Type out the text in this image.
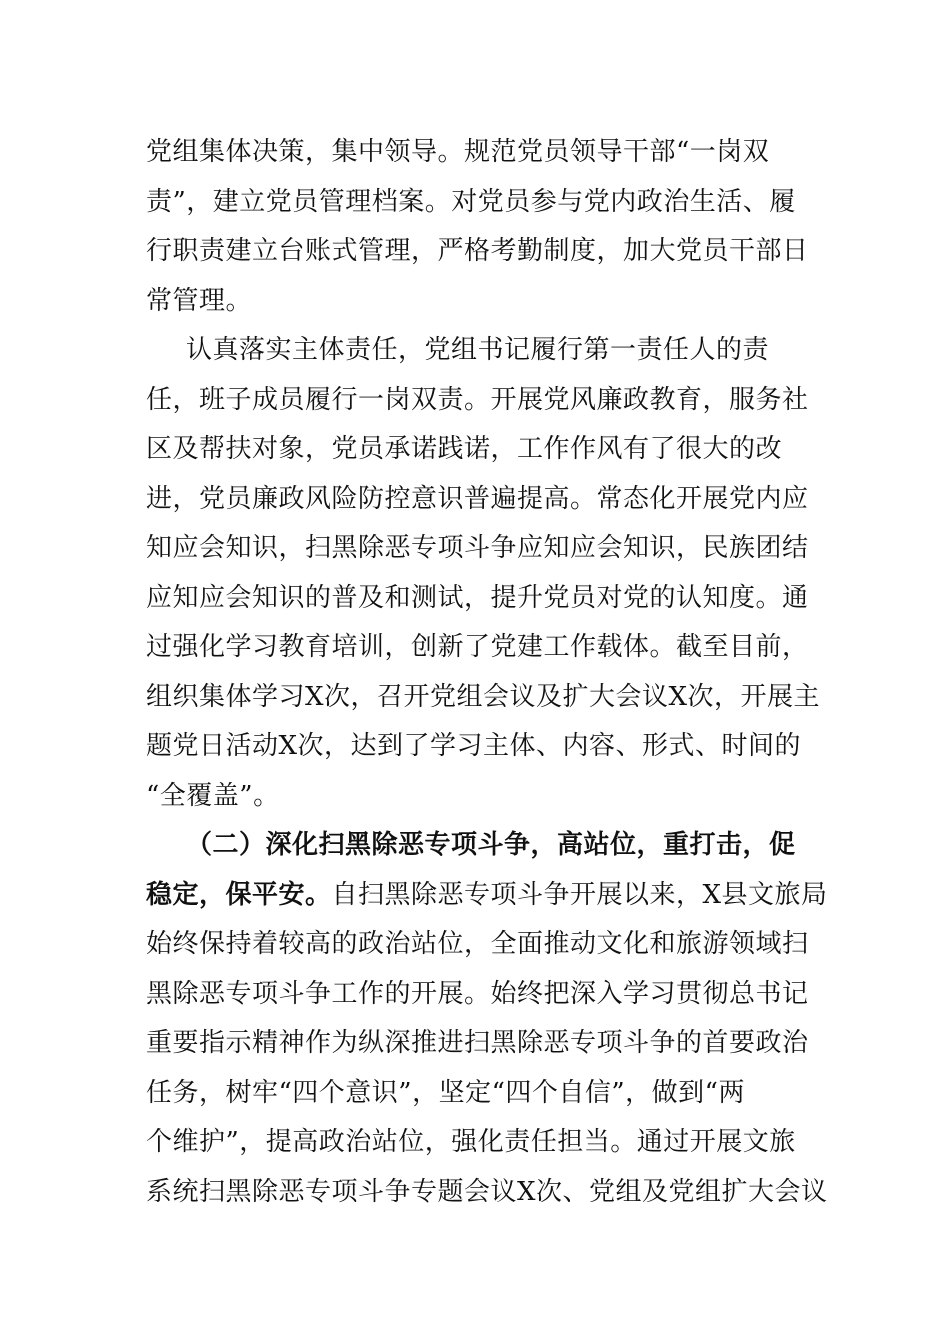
党组集体决策，集中领导。规范党员领导干部“一岗双
责”，建立党员管理档案。对党员参与党内政治生活、履
行职责建立台账式管理，严格考勤制度，加大党员干部日
常管理。
认真落实主体责任，党组书记履行第一责任人的责
任，班子成员履行一岗双责。开展党风廉政教育，服务社
区及帮扶对象，党员承诺践诺，工作作风有了很大的改
进，党员廉政风险防控意识普遍提高。常态化开展党内应
知应会知识，扫黑除恶专项斗争应知应会知识，民族团结
应知应会知识的普及和测试，提升党员对党的认知度。通
过强化学习教育培训，创新了党建工作载体。截至目前，
组织集体学习X次，召开党组会议及扩大会议X次，开展主
题党日活动X次，达到了学习主体、内容、形式、时间的
“全覆盖”。
（二）深化扫黑除恶专项斗争，高站位，重打击，促
稳定，保平安。自扫黑除恶专项斗争开展以来，X县文旅局
始终保持着较高的政治站位，全面推动文化和旅游领域扫
黑除恶专项斗争工作的开展。始终把深入学习贯彻总书记
重要指示精神作为纵深推进扫黑除恶专项斗争的首要政治
任务，树牢“四个意识”，坚定“四个自信”，做到“两
个维护”，提高政治站位，强化责任担当。通过开展文旅
系统扫黑除恶专项斗争专题会议X次、党组及党组扩大会议
